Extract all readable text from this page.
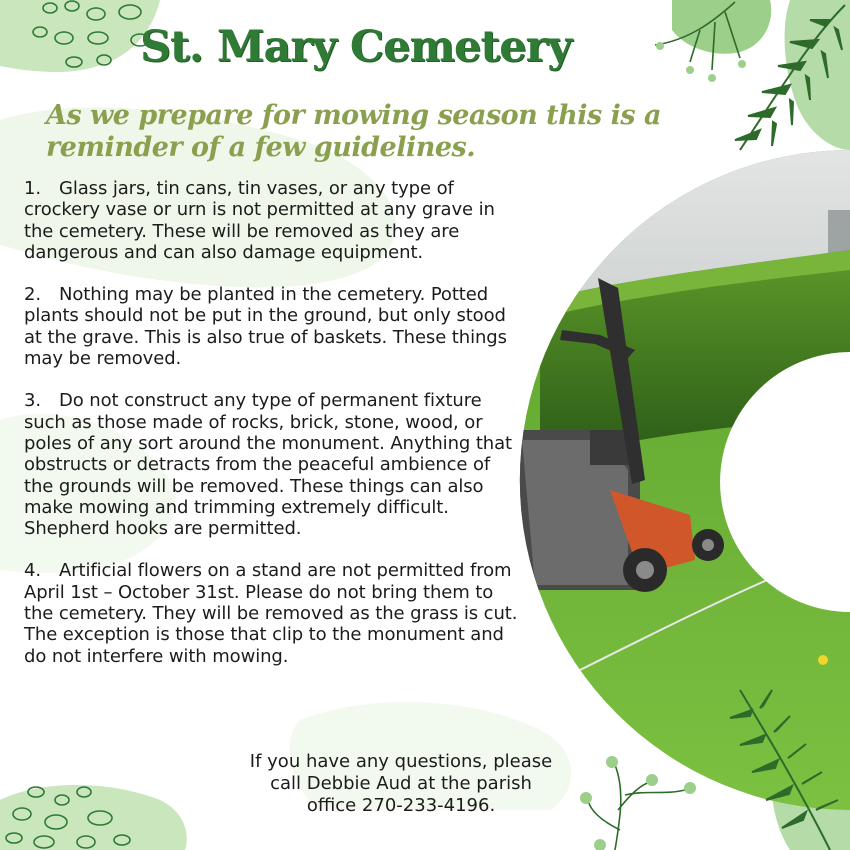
St. Mary Cemetery
As we prepare for mowing season this is a reminder of a few guidelines.
1. Glass jars, tin cans, tin vases, or any type of crockery vase or urn is not permitted at any grave in the cemetery. These will be removed as they are dangerous and can also damage equipment.
2. Nothing may be planted in the cemetery. Potted plants should not be put in the ground, but only stood at the grave. This is also true of baskets. These things may be removed.
3. Do not construct any type of permanent fixture such as those made of rocks, brick, stone, wood, or poles of any sort around the monument. Anything that obstructs or detracts from the peaceful ambience of the grounds will be removed. These things can also make mowing and trimming extremely difficult. Shepherd hooks are permitted.
4. Artificial flowers on a stand are not permitted from April 1st – October 31st. Please do not bring them to the cemetery. They will be removed as the grass is cut. The exception is those that clip to the monument and do not interfere with mowing.
If you have any questions, please
call Debbie Aud at the parish
office 270-233-4196.
